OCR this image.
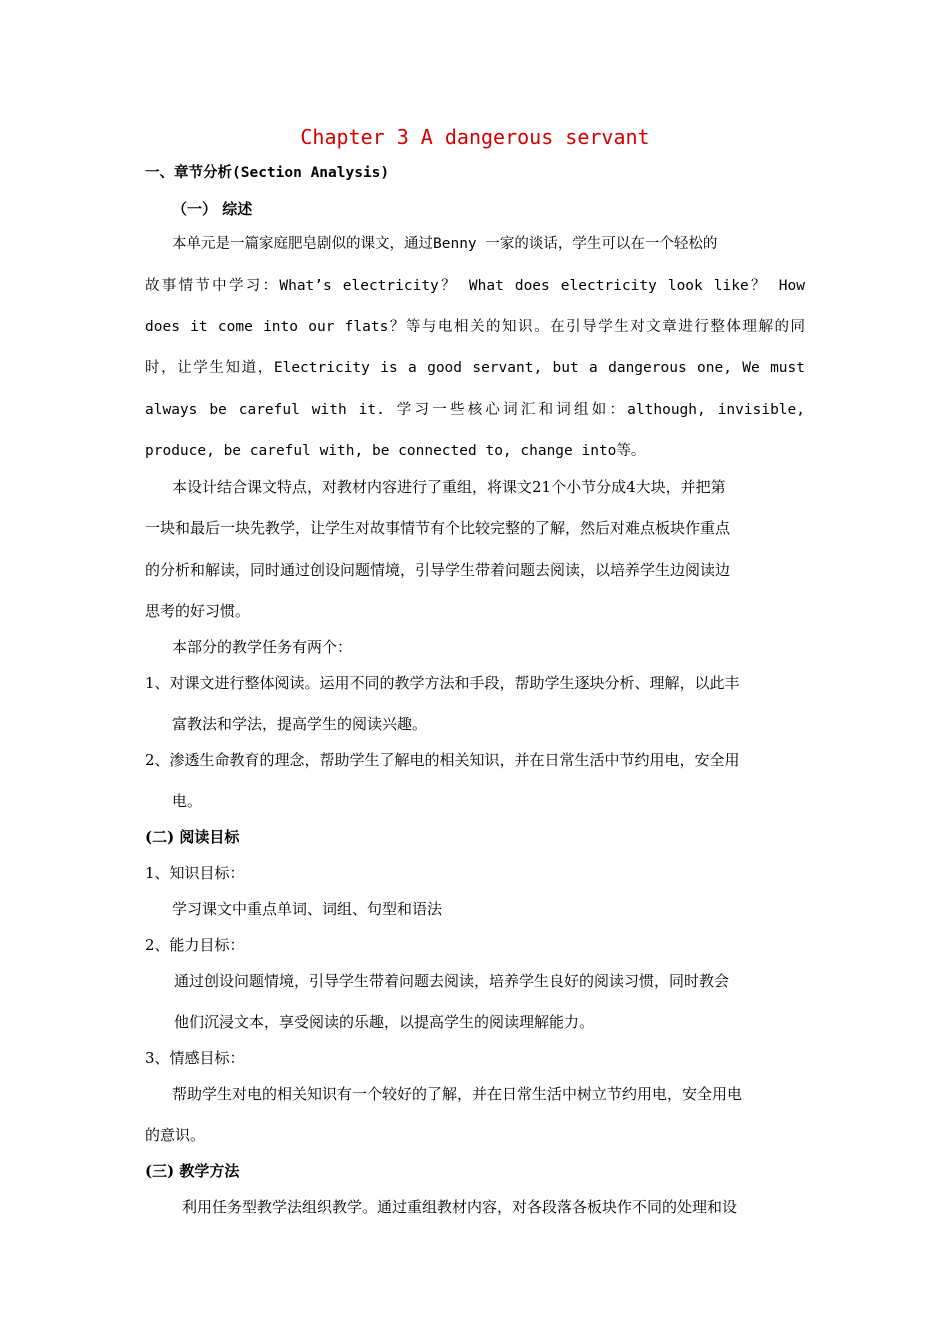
Chapter 3 A dangerous servant
一、章节分析(Section Analysis)
（一） 综述
本单元是一篇家庭肥皂剧似的课文，通过Benny 一家的谈话，学生可以在一个轻松的
故事情节中学习：What’s electricity？ What does electricity look like？ How
does it come into our flats？等与电相关的知识。在引导学生对文章进行整体理解的同
时，让学生知道，Electricity is a good servant, but a dangerous one, We must
always be careful with it. 学习一些核心词汇和词组如：although, invisible,
produce, be careful with, be connected to, change into等。
本设计结合课文特点，对教材内容进行了重组，将课文21个小节分成4大块，并把第
一块和最后一块先教学，让学生对故事情节有个比较完整的了解，然后对难点板块作重点
的分析和解读，同时通过创设问题情境，引导学生带着问题去阅读，以培养学生边阅读边
思考的好习惯。
本部分的教学任务有两个：
1、对课文进行整体阅读。运用不同的教学方法和手段，帮助学生逐块分析、理解，以此丰
富教法和学法，提高学生的阅读兴趣。
2、渗透生命教育的理念，帮助学生了解电的相关知识，并在日常生活中节约用电，安全用
电。
(二) 阅读目标
1、知识目标：
学习课文中重点单词、词组、句型和语法
2、能力目标：
通过创设问题情境，引导学生带着问题去阅读，培养学生良好的阅读习惯，同时教会
他们沉浸文本，享受阅读的乐趣，以提高学生的阅读理解能力。
3、情感目标：
帮助学生对电的相关知识有一个较好的了解，并在日常生活中树立节约用电，安全用电
的意识。
(三) 教学方法
利用任务型教学法组织教学。通过重组教材内容，对各段落各板块作不同的处理和设
